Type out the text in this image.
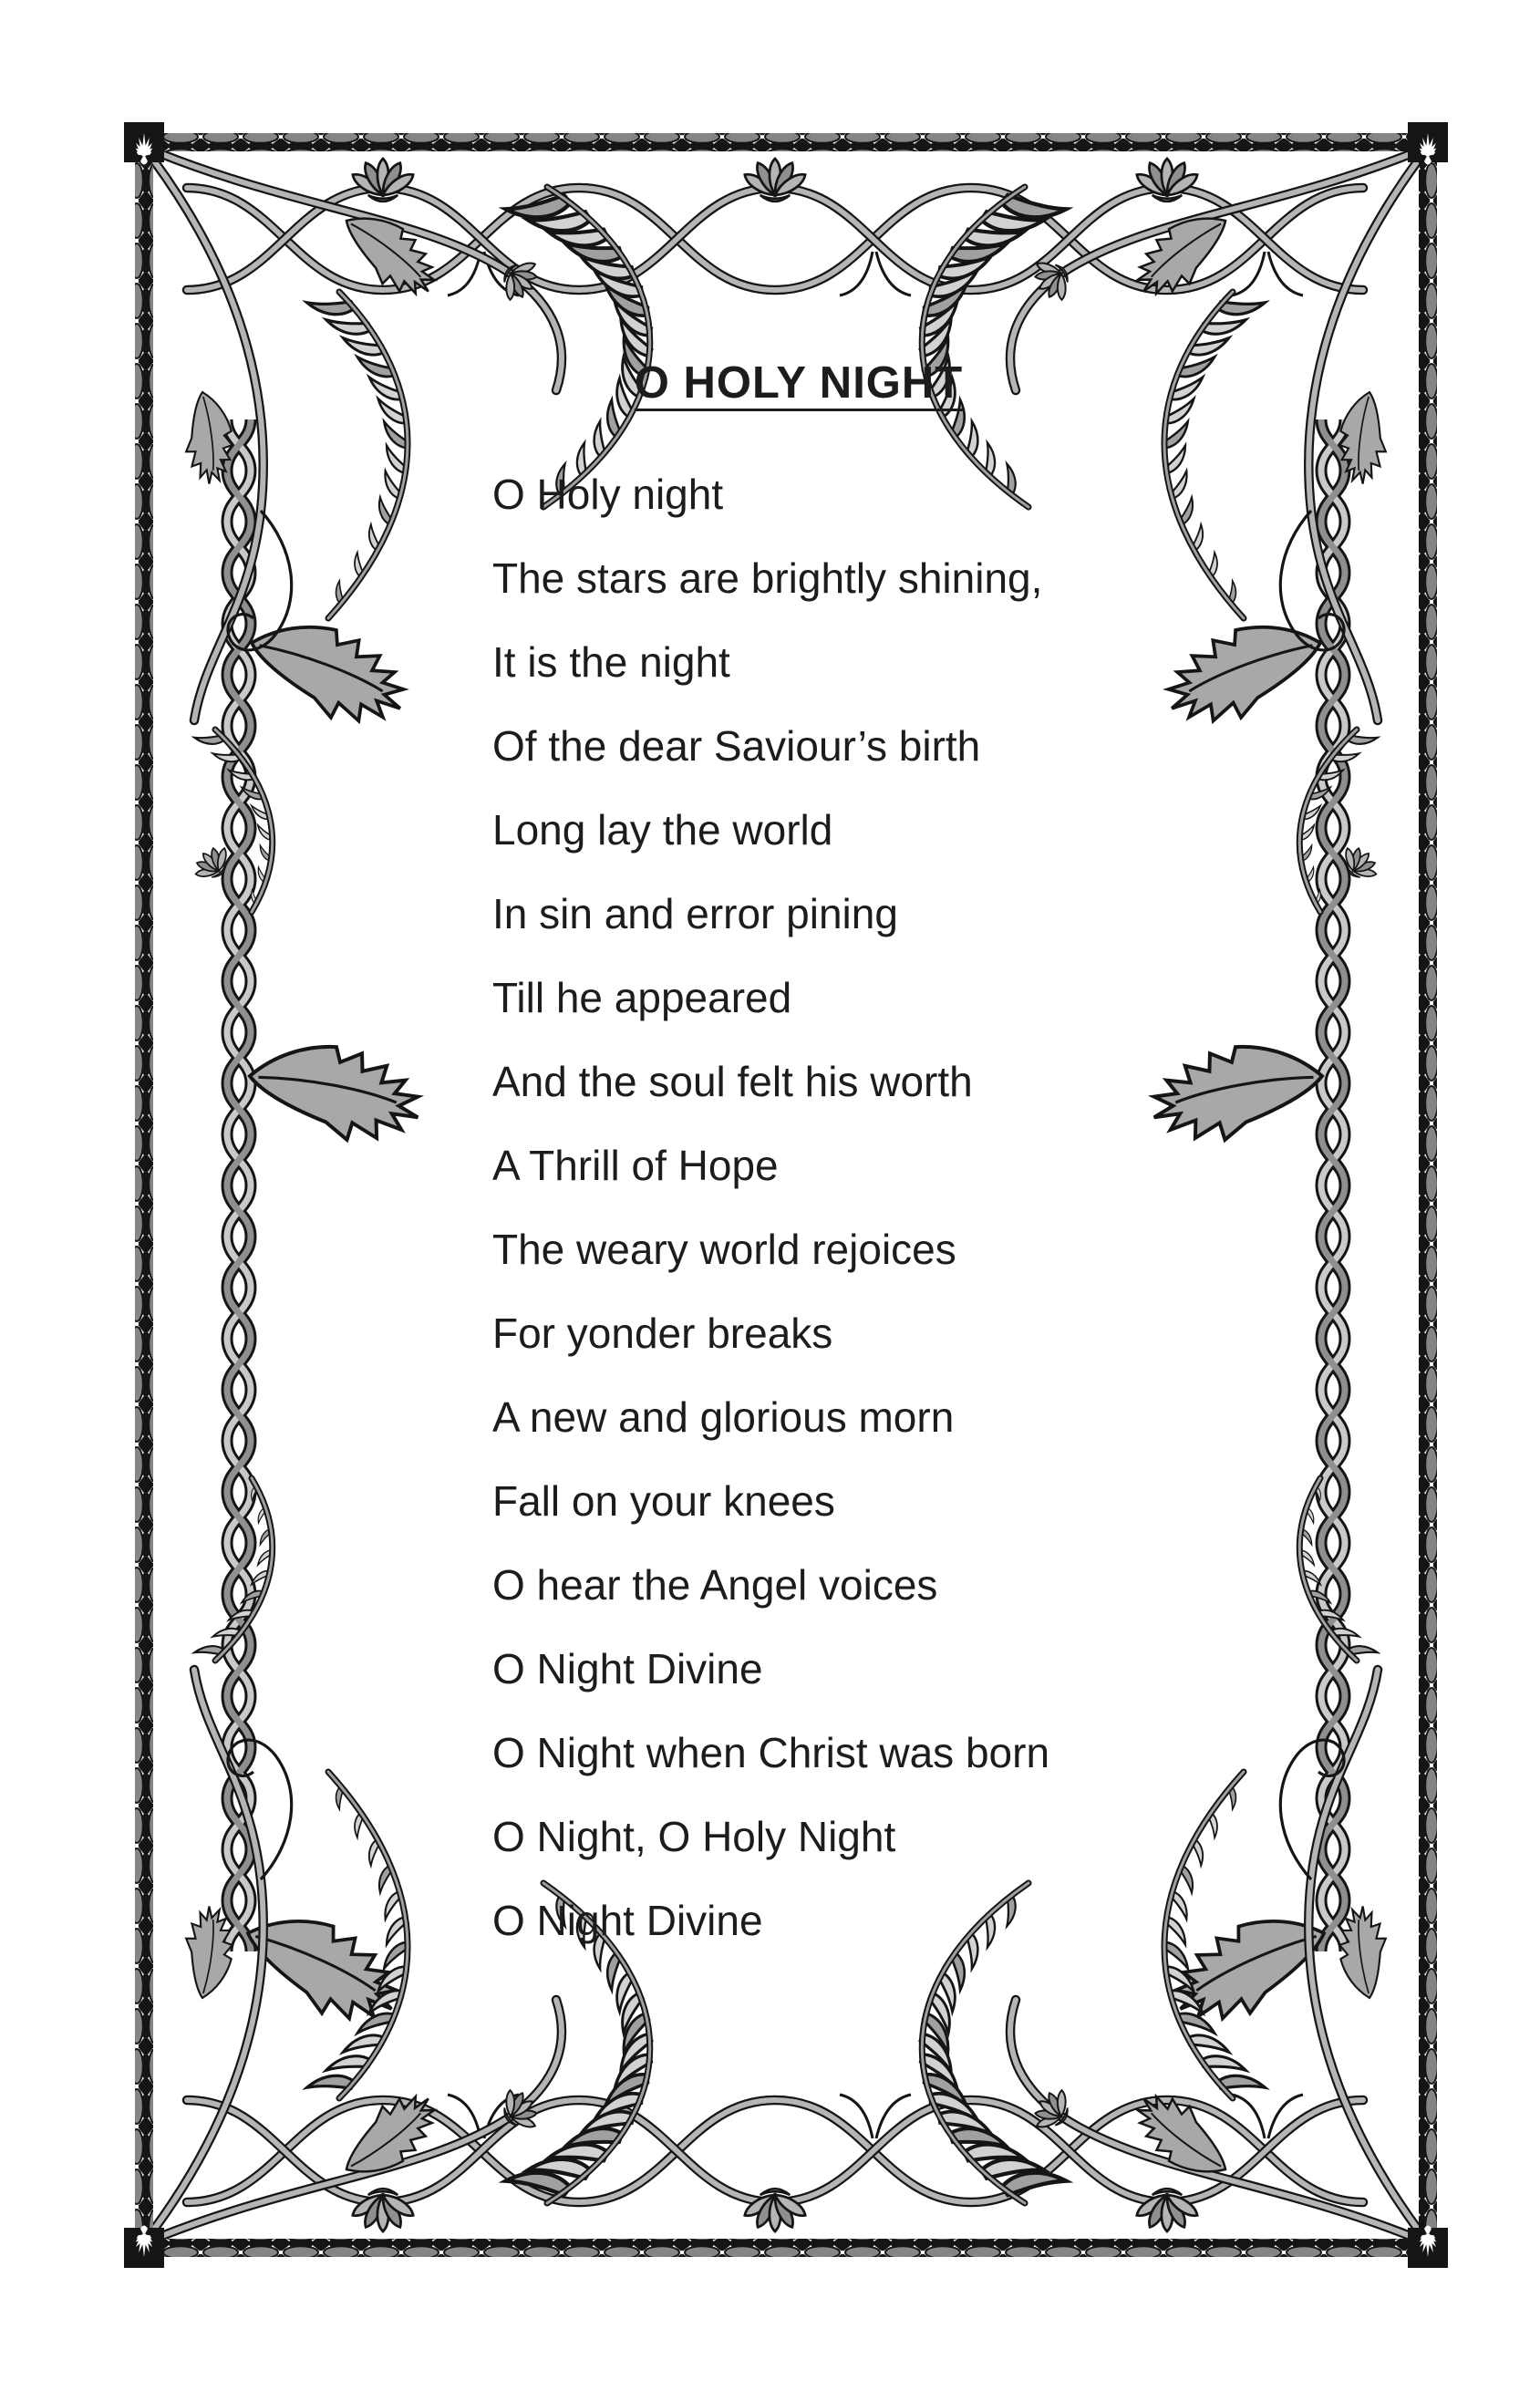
O HOLY NIGHT

O Holy night

The stars are brightly shining,

It is the night

Of the dear Saviour’s birth

Long lay the world

In sin and error pining

Till he appeared

And the soul felt his worth

A Thrill of Hope

The weary world rejoices

For yonder breaks

A new and glorious morn

Fall on your knees

O hear the Angel voices

O Night Divine

O Night when Christ was born

O Night, O Holy Night

O Night Divine
